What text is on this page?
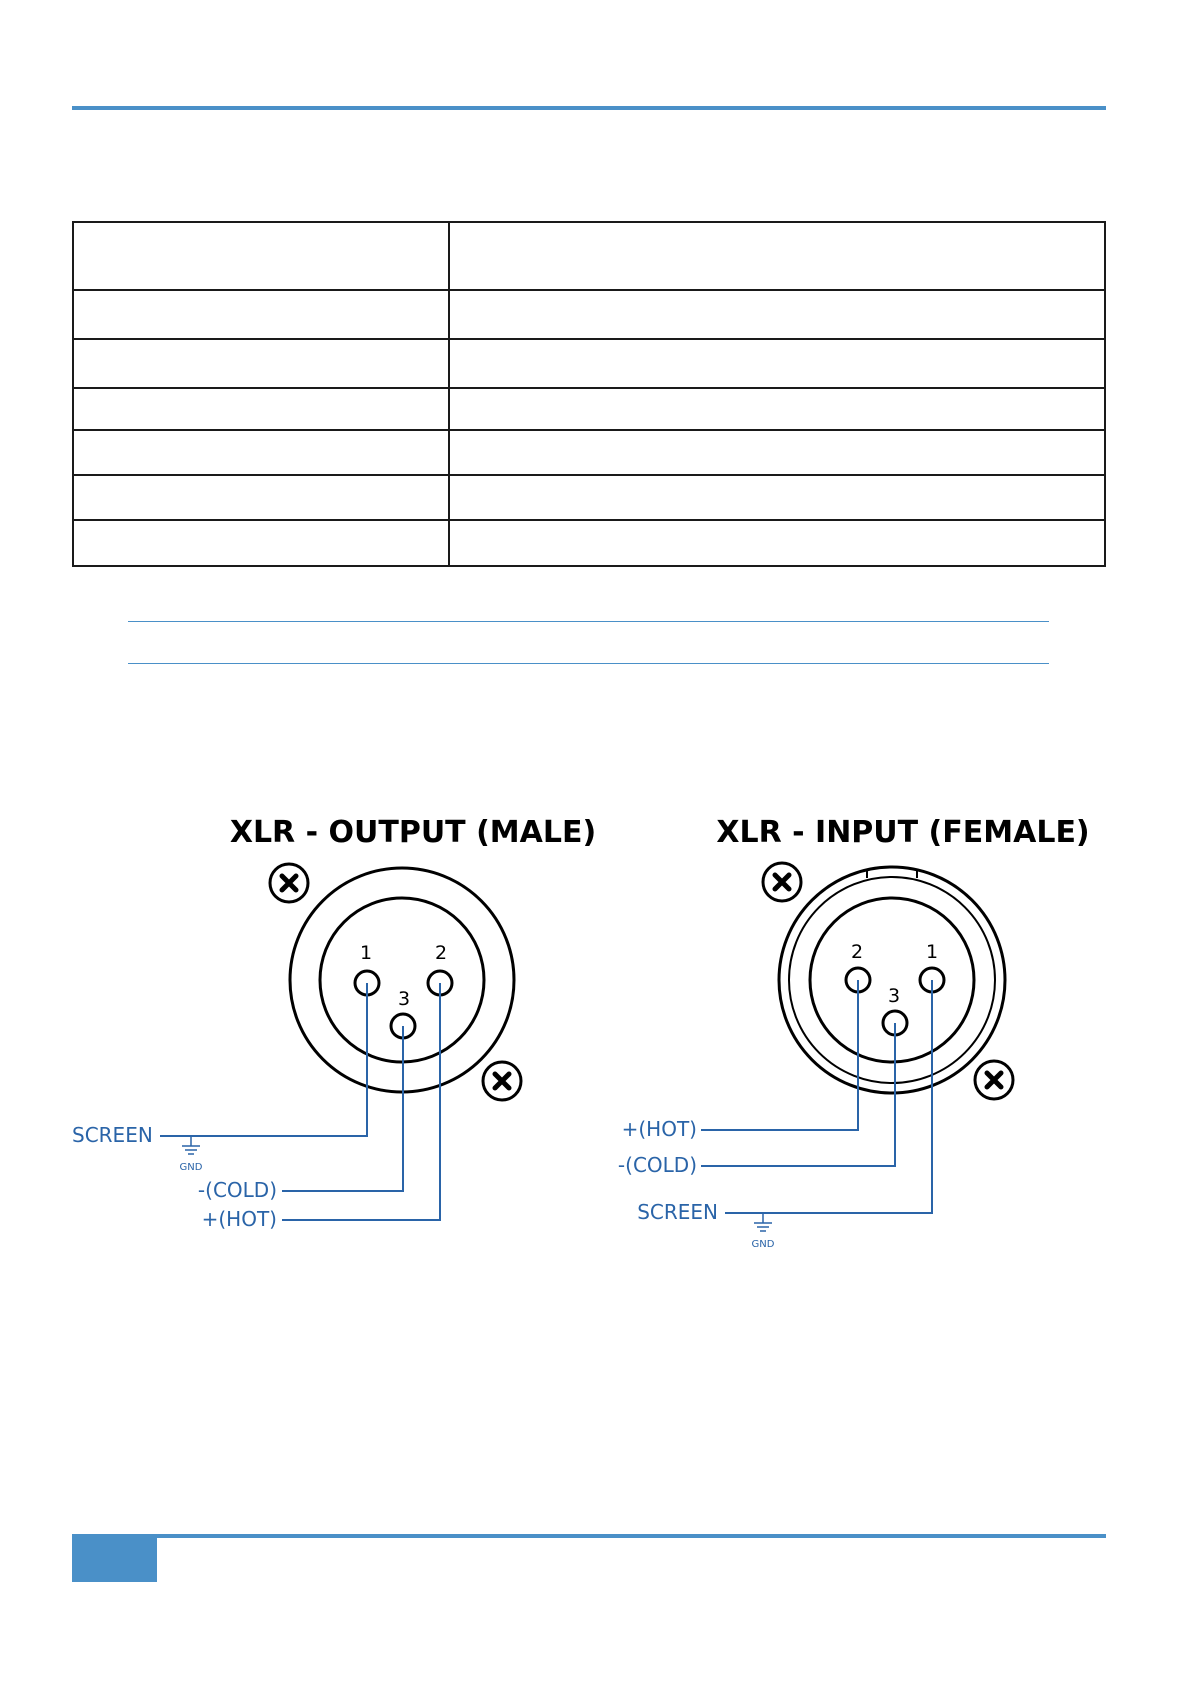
XLR - OUTPUT (MALE)
1	2
3
SCREEN
GND
-(COLD)
+(HOT)
XLR - INPUT (FEMALE)
2	1
3
+(HOT)
-(COLD)
SCREEN
GND
